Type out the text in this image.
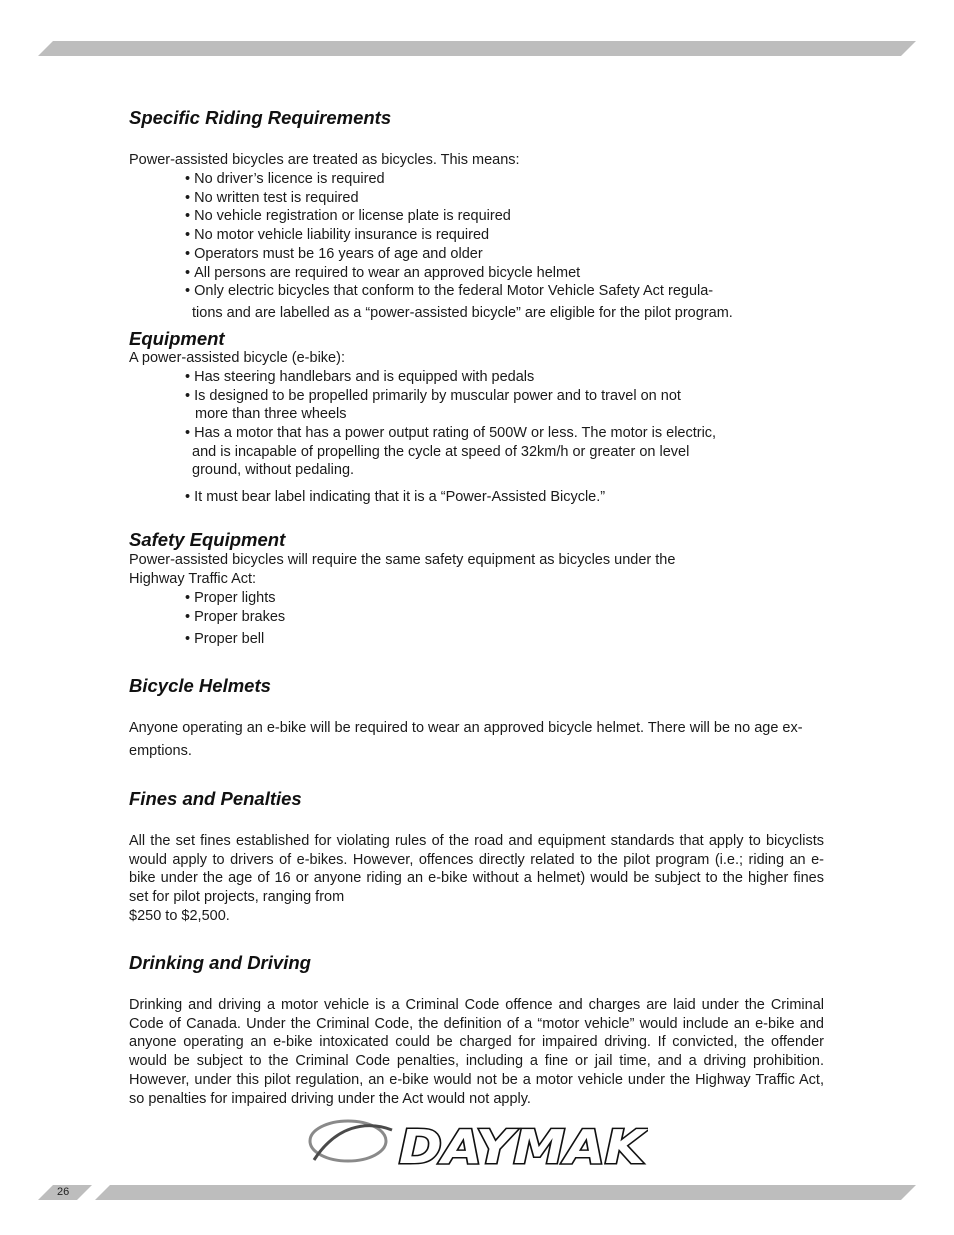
Specific Riding Requirements
Power-assisted bicycles are treated as bicycles. This means:
• No driver’s licence is required
• No written test is required
• No vehicle registration or license plate is required
• No motor vehicle liability insurance is required
• Operators must be 16 years of age and older
• All persons are required to wear an approved bicycle helmet
• Only electric bicycles that conform to the federal Motor Vehicle Safety Act regula-
tions and are labelled as a “power-assisted bicycle” are eligible for the pilot program.
Equipment
A power-assisted bicycle (e-bike):
• Has steering handlebars and is equipped with pedals
• Is designed to be propelled primarily by muscular power and to travel on not
more than three wheels
• Has a motor that has a power output rating of 500W or less. The motor is electric,
and is incapable of propelling the cycle at speed of 32km/h or greater on level
ground, without pedaling.
• It must bear label indicating that it is a “Power-Assisted Bicycle.”
Safety Equipment
Power-assisted bicycles will require the same safety equipment as bicycles under the
Highway Traffic Act:
• Proper lights
• Proper brakes
• Proper bell
Bicycle Helmets
Anyone operating an e-bike will be required to wear an approved bicycle helmet. There will be no age ex-
emptions.
Fines and Penalties
All the set fines established for violating rules of the road and equipment standards that apply to bicyclists would apply to drivers of e-bikes. However, offences directly related to the pilot program (i.e.; riding an e-bike under the age of 16 or anyone riding an e-bike without a helmet) would be subject to the higher fines set for pilot projects, ranging from
$250 to $2,500.
Drinking and Driving
Drinking and driving a motor vehicle is a Criminal Code offence and charges are laid under the Criminal Code of Canada. Under the Criminal Code, the definition of a “motor vehicle” would include an e-bike and anyone operating an e-bike intoxicated could be charged for impaired driving. If convicted, the offender would be subject to the Criminal Code penalties, including a fine or jail time, and a driving prohibition. However, under this pilot regulation, an e-bike would not be a motor vehicle under the Highway Traffic Act, so penalties for impaired driving under the Act would not apply.
DAYMAK
26
